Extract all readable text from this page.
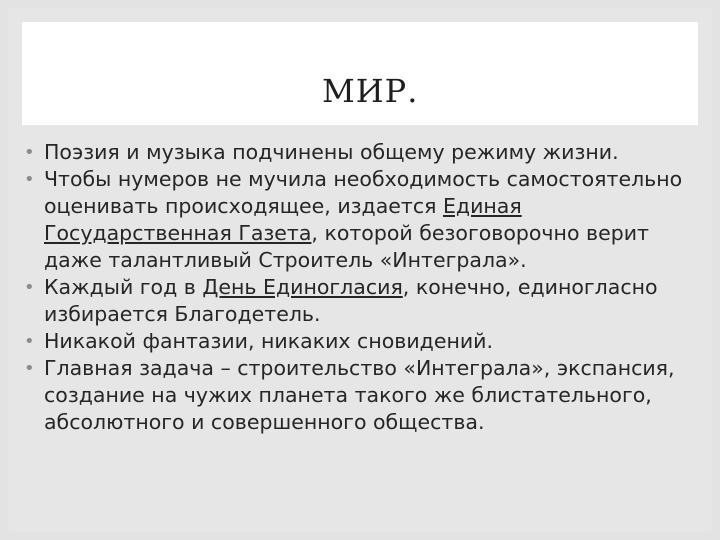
МИР.
• Поэзия и музыка подчинены общему режиму жизни.
• Чтобы нумеров не мучила необходимость самостоятельно оценивать происходящее, издается Единая Государственная Газета, которой безоговорочно верит даже талантливый Строитель «Интеграла».
• Каждый год в День Единогласия, конечно, единогласно избирается Благодетель.
• Никакой фантазии, никаких сновидений.
• Главная задача – строительство «Интеграла», экспансия, создание на чужих планета такого же блистательного, абсолютного и совершенного общества.
